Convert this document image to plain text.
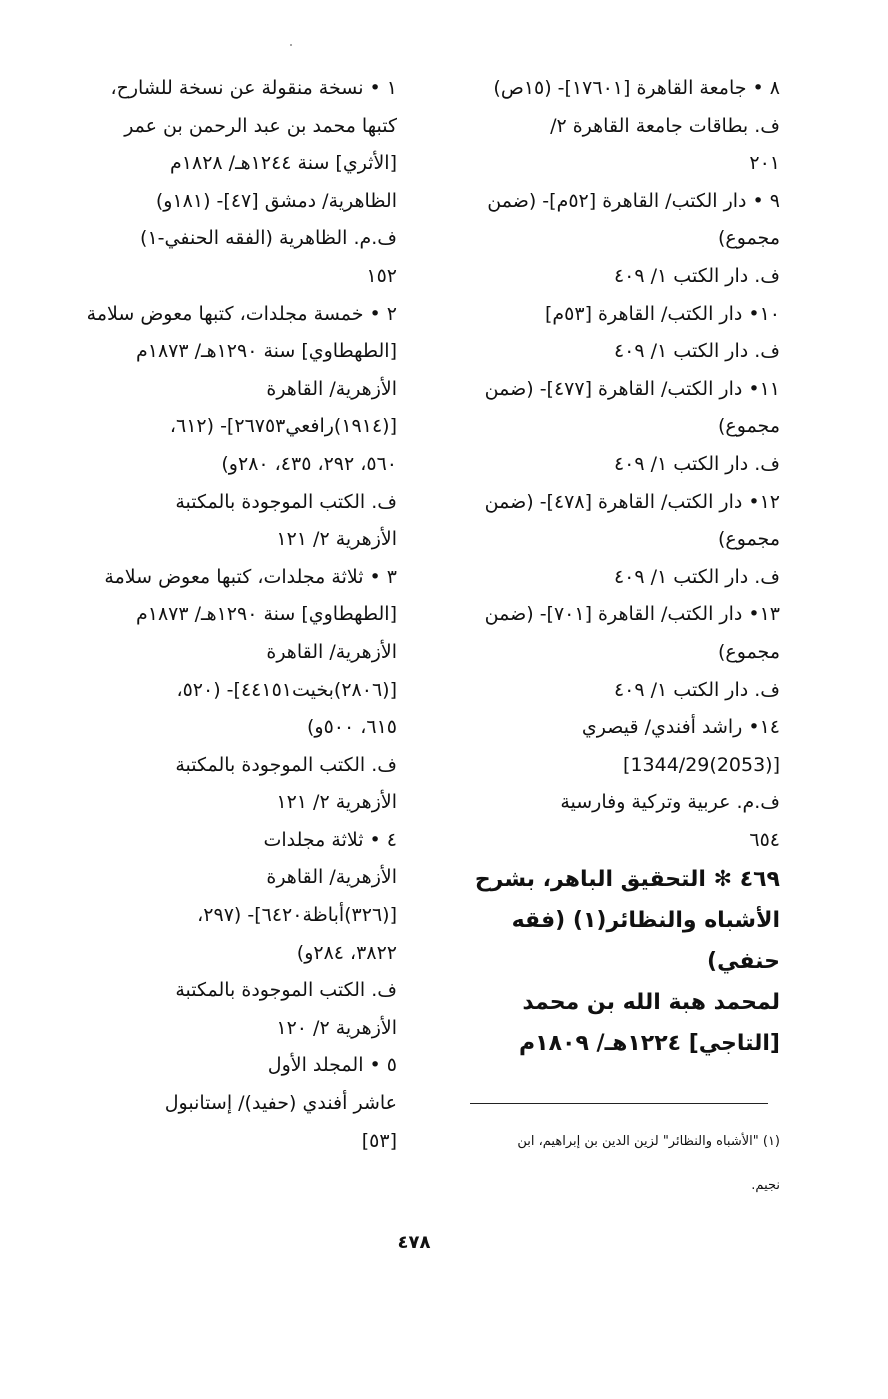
٨ • جامعة القاهرة [١٧٦٠١]- (١٥ص)
ف. بطاقات جامعة القاهرة ٢/
٢٠١
٩ • دار الكتب/ القاهرة [٥٢م]- (ضمن
مجموع)
ف. دار الكتب ١/ ٤٠٩
١٠• دار الكتب/ القاهرة [٥٣م]
ف. دار الكتب ١/ ٤٠٩
١١• دار الكتب/ القاهرة [٤٧٧]- (ضمن
مجموع)
ف. دار الكتب ١/ ٤٠٩
١٢• دار الكتب/ القاهرة [٤٧٨]- (ضمن
مجموع)
ف. دار الكتب ١/ ٤٠٩
١٣• دار الكتب/ القاهرة [٧٠١]- (ضمن
مجموع)
ف. دار الكتب ١/ ٤٠٩
١٤• راشد أفندي/ قيصري
[(2053)1344/29]
ف.م. عربية وتركية وفارسية
٦٥٤
٤٦٩ ✻ التحقيق الباهر، بشرح
الأشباه والنظائر(١) (فقه
حنفي)
لمحمد هبة الله بن محمد
[التاجي] ١٢٢٤هـ/ ١٨٠٩م
١ • نسخة منقولة عن نسخة للشارح،
كتبها محمد بن عبد الرحمن بن عمر
[الأثري] سنة ١٢٤٤هـ/ ١٨٢٨م
الظاهرية/ دمشق [٤٧]- (١٨١و)
ف.م. الظاهرية (الفقه الحنفي-١)
١٥٢
٢ • خمسة مجلدات، كتبها معوض سلامة
[الطهطاوي] سنة ١٢٩٠هـ/ ١٨٧٣م
الأزهرية/ القاهرة
[(١٩١٤)رافعي٢٦٧٥٣]- (٦١٢،
٥٦٠، ٢٩٢، ٤٣٥، ٢٨٠و)
ف. الكتب الموجودة بالمكتبة
الأزهرية ٢/ ١٢١
٣ • ثلاثة مجلدات، كتبها معوض سلامة
[الطهطاوي] سنة ١٢٩٠هـ/ ١٨٧٣م
الأزهرية/ القاهرة
[(٢٨٠٦)بخيت٤٤١٥١]- (٥٢٠،
٦١٥، ٥٠٠و)
ف. الكتب الموجودة بالمكتبة
الأزهرية ٢/ ١٢١
٤ • ثلاثة مجلدات
الأزهرية/ القاهرة
[(٣٢٦)أباظة٦٤٢٠]- (٢٩٧،
٣٨٢٢، ٢٨٤و)
ف. الكتب الموجودة بالمكتبة
الأزهرية ٢/ ١٢٠
٥ • المجلد الأول
عاشر أفندي (حفيد)/ إستانبول
[٥٣]	(١) "الأشباه والنظائر" لزين الدين بن إبراهيم، ابن
نجيم.
٤٧٨
